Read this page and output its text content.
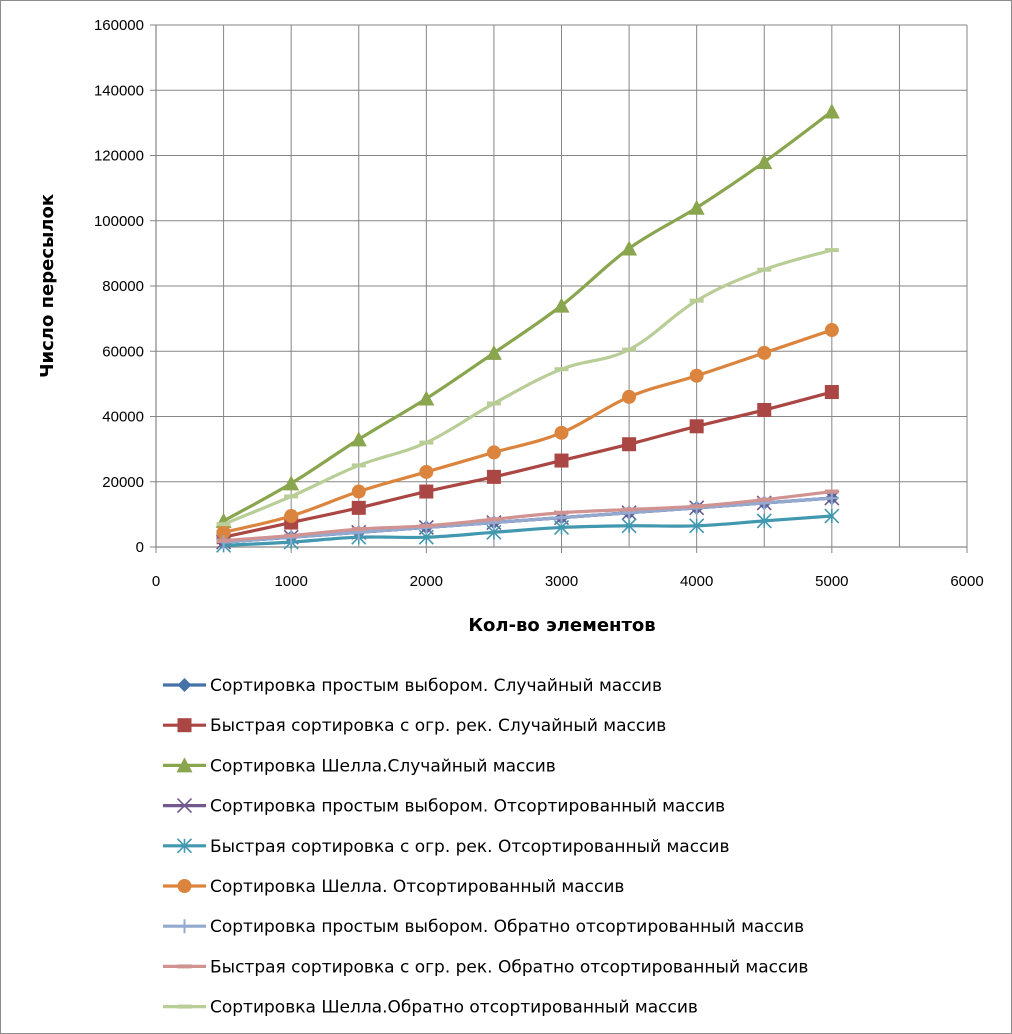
0
20000
40000
60000
80000
100000
120000
140000
160000
0	1000	2000	3000	4000	5000	6000
Число пересылок
Кол-во элементов
Сортировка простым выбором. Случайный массив
Быстрая сортировка с огр. рек. Случайный массив
Сортировка Шелла.Случайный массив
Сортировка простым выбором. Отсортированный массив
Быстрая сортировка с огр. рек. Отсортированный массив
Сортировка Шелла. Отсортированный массив
Сортировка простым выбором. Обратно отсортированный массив
Быстрая сортировка с огр. рек. Обратно отсортированный массив
Сортировка Шелла.Обратно отсортированный массив
